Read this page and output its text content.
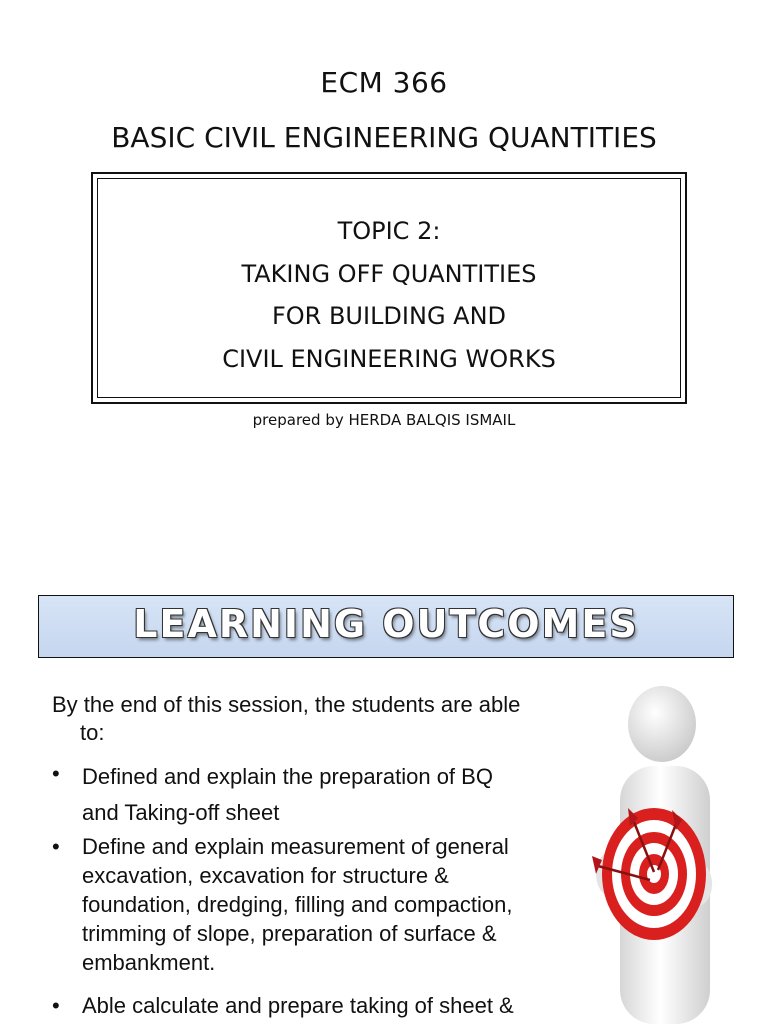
ECM 366
BASIC CIVIL ENGINEERING QUANTITIES
TOPIC 2:
TAKING OFF QUANTITIES
FOR BUILDING AND
CIVIL ENGINEERING WORKS
prepared by HERDA BALQIS ISMAIL
LEARNING OUTCOMES
By the end of this session, the students are able
to:
•	Defined and explain the preparation of BQ
and Taking-off sheet
•	Define and explain measurement of general
excavation, excavation for structure &
foundation, dredging, filling and compaction,
trimming of slope, preparation of surface &
embankment.
•	Able calculate and prepare taking of sheet &
